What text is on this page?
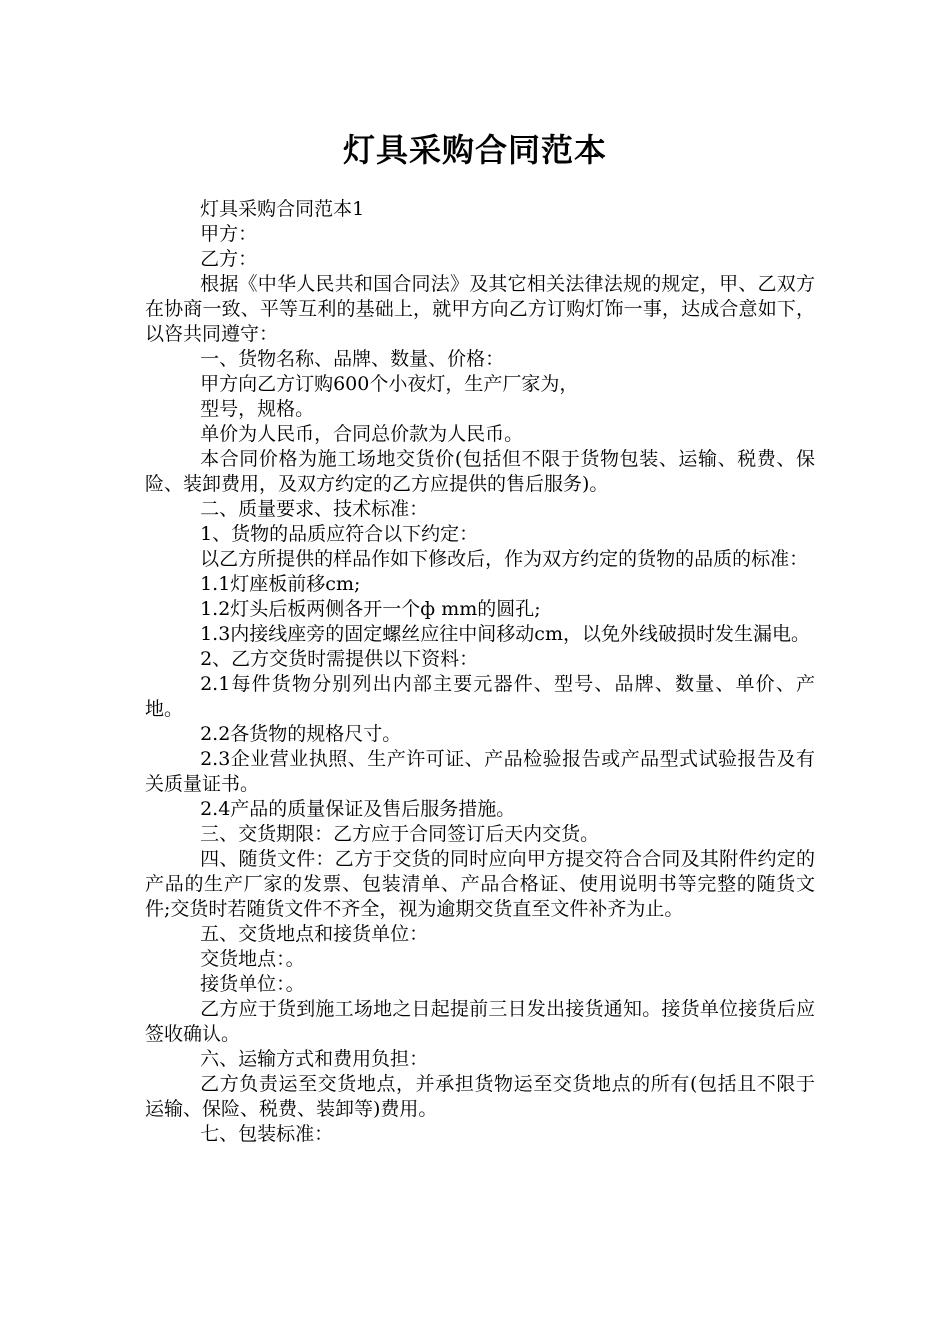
灯具采购合同范本

灯具采购合同范本1

甲方：

乙方：

根据《中华人民共和国合同法》及其它相关法律法规的规定，甲、乙双方在协商一致、平等互利的基础上，就甲方向乙方订购灯饰一事，达成合意如下，以咨共同遵守：

一、货物名称、品牌、数量、价格：

甲方向乙方订购600个小夜灯，生产厂家为，

型号，规格。

单价为人民币，合同总价款为人民币。

本合同价格为施工场地交货价(包括但不限于货物包装、运输、税费、保险、装卸费用，及双方约定的乙方应提供的售后服务)。

二、质量要求、技术标准：

1、货物的品质应符合以下约定：

以乙方所提供的样品作如下修改后，作为双方约定的货物的品质的标准：

1.1灯座板前移cm;

1.2灯头后板两侧各开一个ф mm的圆孔;

1.3内接线座旁的固定螺丝应往中间移动cm，以免外线破损时发生漏电。

2、乙方交货时需提供以下资料：

2.1每件货物分别列出内部主要元器件、型号、品牌、数量、单价、产地。

2.2各货物的规格尺寸。

2.3企业营业执照、生产许可证、产品检验报告或产品型式试验报告及有关质量证书。

2.4产品的质量保证及售后服务措施。

三、交货期限：乙方应于合同签订后天内交货。

四、随货文件：乙方于交货的同时应向甲方提交符合合同及其附件约定的产品的生产厂家的发票、包装清单、产品合格证、使用说明书等完整的随货文件;交货时若随货文件不齐全，视为逾期交货直至文件补齐为止。

五、交货地点和接货单位：

交货地点：。

接货单位：。

乙方应于货到施工场地之日起提前三日发出接货通知。接货单位接货后应签收确认。

六、运输方式和费用负担：

乙方负责运至交货地点，并承担货物运至交货地点的所有(包括且不限于运输、保险、税费、装卸等)费用。

七、包装标准：
